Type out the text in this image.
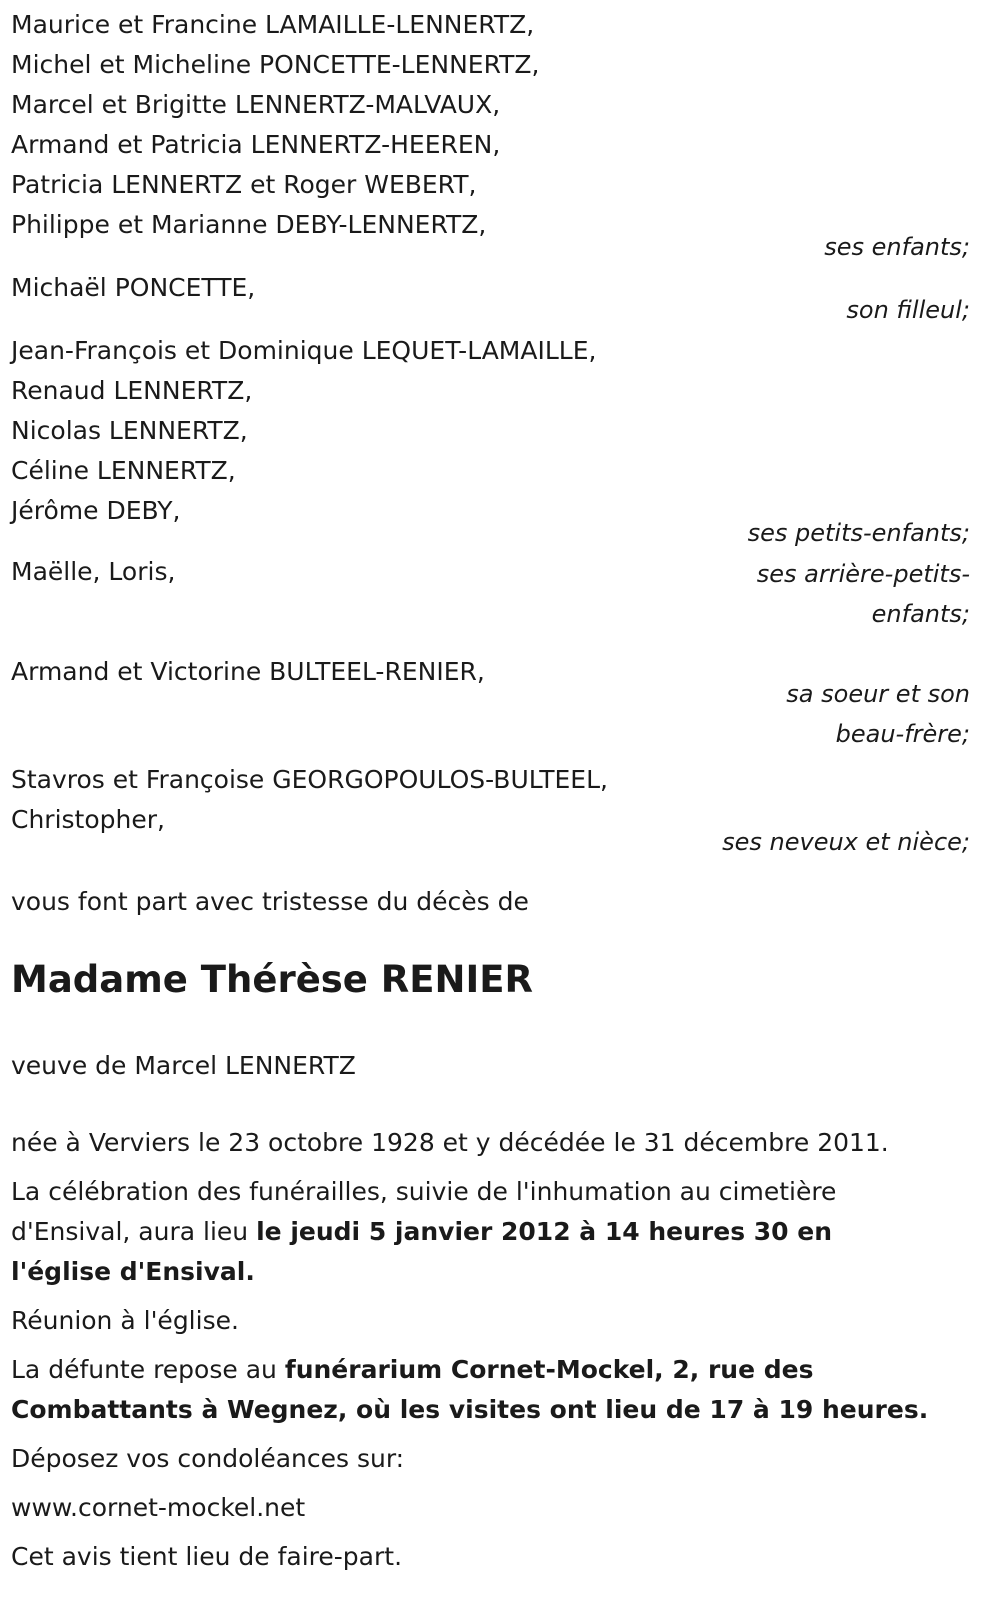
Maurice et Francine LAMAILLE-LENNERTZ,
Michel et Micheline PONCETTE-LENNERTZ,
Marcel et Brigitte LENNERTZ-MALVAUX,
Armand et Patricia LENNERTZ-HEEREN,
Patricia LENNERTZ et Roger WEBERT,
Philippe et Marianne DEBY-LENNERTZ,
ses enfants;
Michaël PONCETTE,
son filleul;
Jean-François et Dominique LEQUET-LAMAILLE,
Renaud LENNERTZ,
Nicolas LENNERTZ,
Céline LENNERTZ,
Jérôme DEBY,
ses petits-enfants;
Maëlle, Loris,	ses arrière-petits-enfants;
Armand et Victorine BULTEEL-RENIER,
sa soeur et son beau-frère;
Stavros et Françoise GEORGOPOULOS-BULTEEL,
Christopher,
ses neveux et nièce;
vous font part avec tristesse du décès de
Madame Thérèse RENIER
veuve de Marcel LENNERTZ

née à Verviers le 23 octobre 1928 et y décédée le 31 décembre 2011.

La célébration des funérailles, suivie de l'inhumation au cimetière d'Ensival, aura lieu le jeudi 5 janvier 2012 à 14 heures 30 en l'église d'Ensival.

Réunion à l'église.

La défunte repose au funérarium Cornet-Mockel, 2, rue des Combattants à Wegnez, où les visites ont lieu de 17 à 19 heures.

Déposez vos condoléances sur:

www.cornet-mockel.net

Cet avis tient lieu de faire-part.
